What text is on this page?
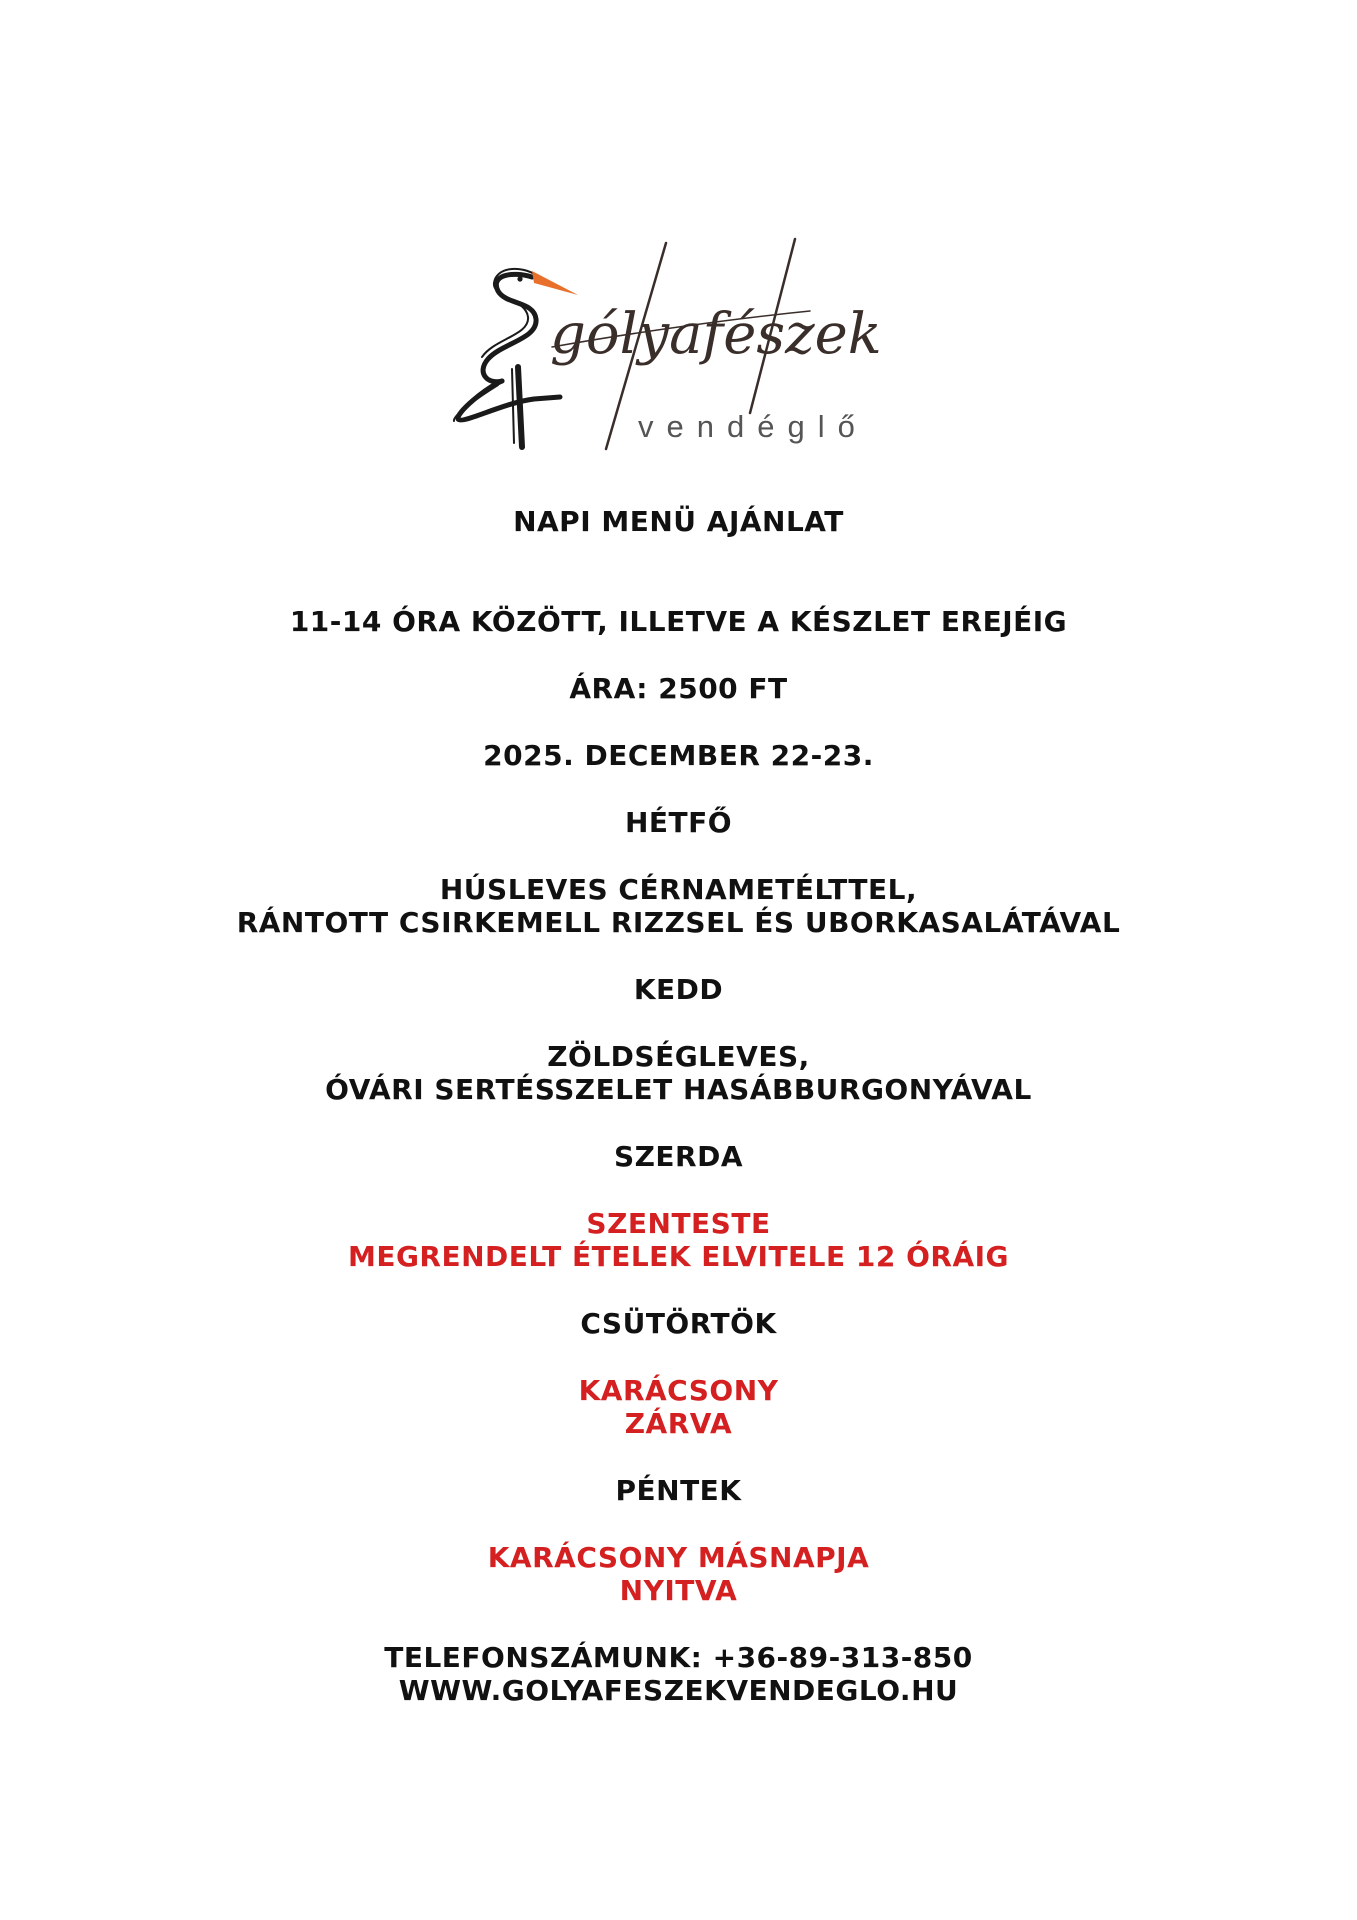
gólyafészek
vendéglő
NAPI MENÜ AJÁNLAT
11-14 ÓRA KÖZÖTT, ILLETVE A KÉSZLET EREJÉIG
ÁRA: 2500 FT
2025. DECEMBER 22-23.
HÉTFŐ
HÚSLEVES CÉRNAMETÉLTTEL,
RÁNTOTT CSIRKEMELL RIZZSEL ÉS UBORKASALÁTÁVAL
KEDD
ZÖLDSÉGLEVES,
ÓVÁRI SERTÉSSZELET HASÁBBURGONYÁVAL
SZERDA
SZENTESTE
MEGRENDELT ÉTELEK ELVITELE 12 ÓRÁIG
CSÜTÖRTÖK
KARÁCSONY
ZÁRVA
PÉNTEK
KARÁCSONY MÁSNAPJA
NYITVA
TELEFONSZÁMUNK: +36-89-313-850
WWW.GOLYAFESZEKVENDEGLO.HU
